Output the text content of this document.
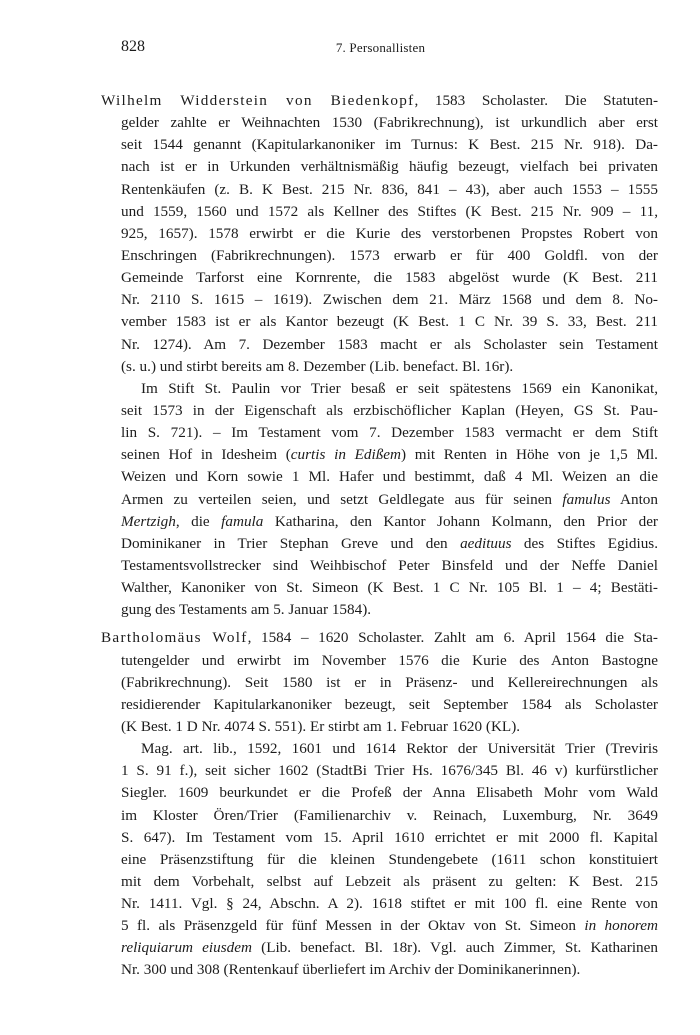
828	7. Personallisten
Wilhelm Widderstein von Biedenkopf, 1583 Scholaster. Die Statuten-
gelder zahlte er Weihnachten 1530 (Fabrikrechnung), ist urkundlich aber erst
seit 1544 genannt (Kapitularkanoniker im Turnus: K Best. 215 Nr. 918). Da-
nach ist er in Urkunden verhältnismäßig häufig bezeugt, vielfach bei privaten
Rentenkäufen (z. B. K Best. 215 Nr. 836, 841 – 43), aber auch 1553 – 1555
und 1559, 1560 und 1572 als Kellner des Stiftes (K Best. 215 Nr. 909 – 11,
925, 1657). 1578 erwirbt er die Kurie des verstorbenen Propstes Robert von
Enschringen (Fabrikrechnungen). 1573 erwarb er für 400 Goldfl. von der
Gemeinde Tarforst eine Kornrente, die 1583 abgelöst wurde (K Best. 211
Nr. 2110 S. 1615 – 1619). Zwischen dem 21. März 1568 und dem 8. No-
vember 1583 ist er als Kantor bezeugt (K Best. 1 C Nr. 39 S. 33, Best. 211
Nr. 1274). Am 7. Dezember 1583 macht er als Scholaster sein Testament
(s. u.) und stirbt bereits am 8. Dezember (Lib. benefact. Bl. 16r).
Im Stift St. Paulin vor Trier besaß er seit spätestens 1569 ein Kanonikat,
seit 1573 in der Eigenschaft als erzbischöflicher Kaplan (Heyen, GS St. Pau-
lin S. 721). – Im Testament vom 7. Dezember 1583 vermacht er dem Stift
seinen Hof in Idesheim (curtis in Edißem) mit Renten in Höhe von je 1,5 Ml.
Weizen und Korn sowie 1 Ml. Hafer und bestimmt, daß 4 Ml. Weizen an die
Armen zu verteilen seien, und setzt Geldlegate aus für seinen famulus Anton
Mertzigh, die famula Katharina, den Kantor Johann Kolmann, den Prior der
Dominikaner in Trier Stephan Greve und den aedituus des Stiftes Egidius.
Testamentsvollstrecker sind Weihbischof Peter Binsfeld und der Neffe Daniel
Walther, Kanoniker von St. Simeon (K Best. 1 C Nr. 105 Bl. 1 – 4; Bestäti-
gung des Testaments am 5. Januar 1584).
Bartholomäus Wolf, 1584 – 1620 Scholaster. Zahlt am 6. April 1564 die Sta-
tutengelder und erwirbt im November 1576 die Kurie des Anton Bastogne
(Fabrikrechnung). Seit 1580 ist er in Präsenz- und Kellereirechnungen als
residierender Kapitularkanoniker bezeugt, seit September 1584 als Scholaster
(K Best. 1 D Nr. 4074 S. 551). Er stirbt am 1. Februar 1620 (KL).
Mag. art. lib., 1592, 1601 und 1614 Rektor der Universität Trier (Treviris
1 S. 91 f.), seit sicher 1602 (StadtBi Trier Hs. 1676/345 Bl. 46 v) kurfürstlicher
Siegler. 1609 beurkundet er die Profeß der Anna Elisabeth Mohr vom Wald
im Kloster Ören/Trier (Familienarchiv v. Reinach, Luxemburg, Nr. 3649
S. 647). Im Testament vom 15. April 1610 errichtet er mit 2000 fl. Kapital
eine Präsenzstiftung für die kleinen Stundengebete (1611 schon konstituiert
mit dem Vorbehalt, selbst auf Lebzeit als präsent zu gelten: K Best. 215
Nr. 1411. Vgl. § 24, Abschn. A 2). 1618 stiftet er mit 100 fl. eine Rente von
5 fl. als Präsenzgeld für fünf Messen in der Oktav von St. Simeon in honorem
reliquiarum eiusdem (Lib. benefact. Bl. 18r). Vgl. auch Zimmer, St. Katharinen
Nr. 300 und 308 (Rentenkauf überliefert im Archiv der Dominikanerinnen).
